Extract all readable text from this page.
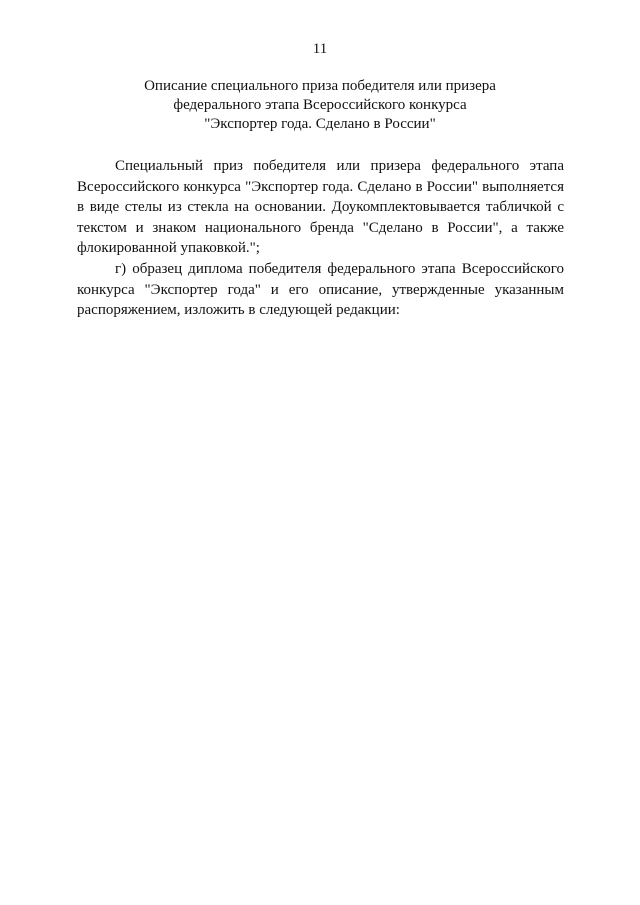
11
Описание специального приза победителя или призера
федерального этапа Всероссийского конкурса
"Экспортер года. Сделано в России"

Специальный приз победителя или призера федерального этапа Всероссийского конкурса "Экспортер года. Сделано в России" выполняется в виде стелы из стекла на основании. Доукомплектовывается табличкой с текстом и знаком национального бренда "Сделано в России", а также флокированной упаковкой.";

г) образец диплома победителя федерального этапа Всероссийского конкурса "Экспортер года" и его описание, утвержденные указанным распоряжением, изложить в следующей редакции:
